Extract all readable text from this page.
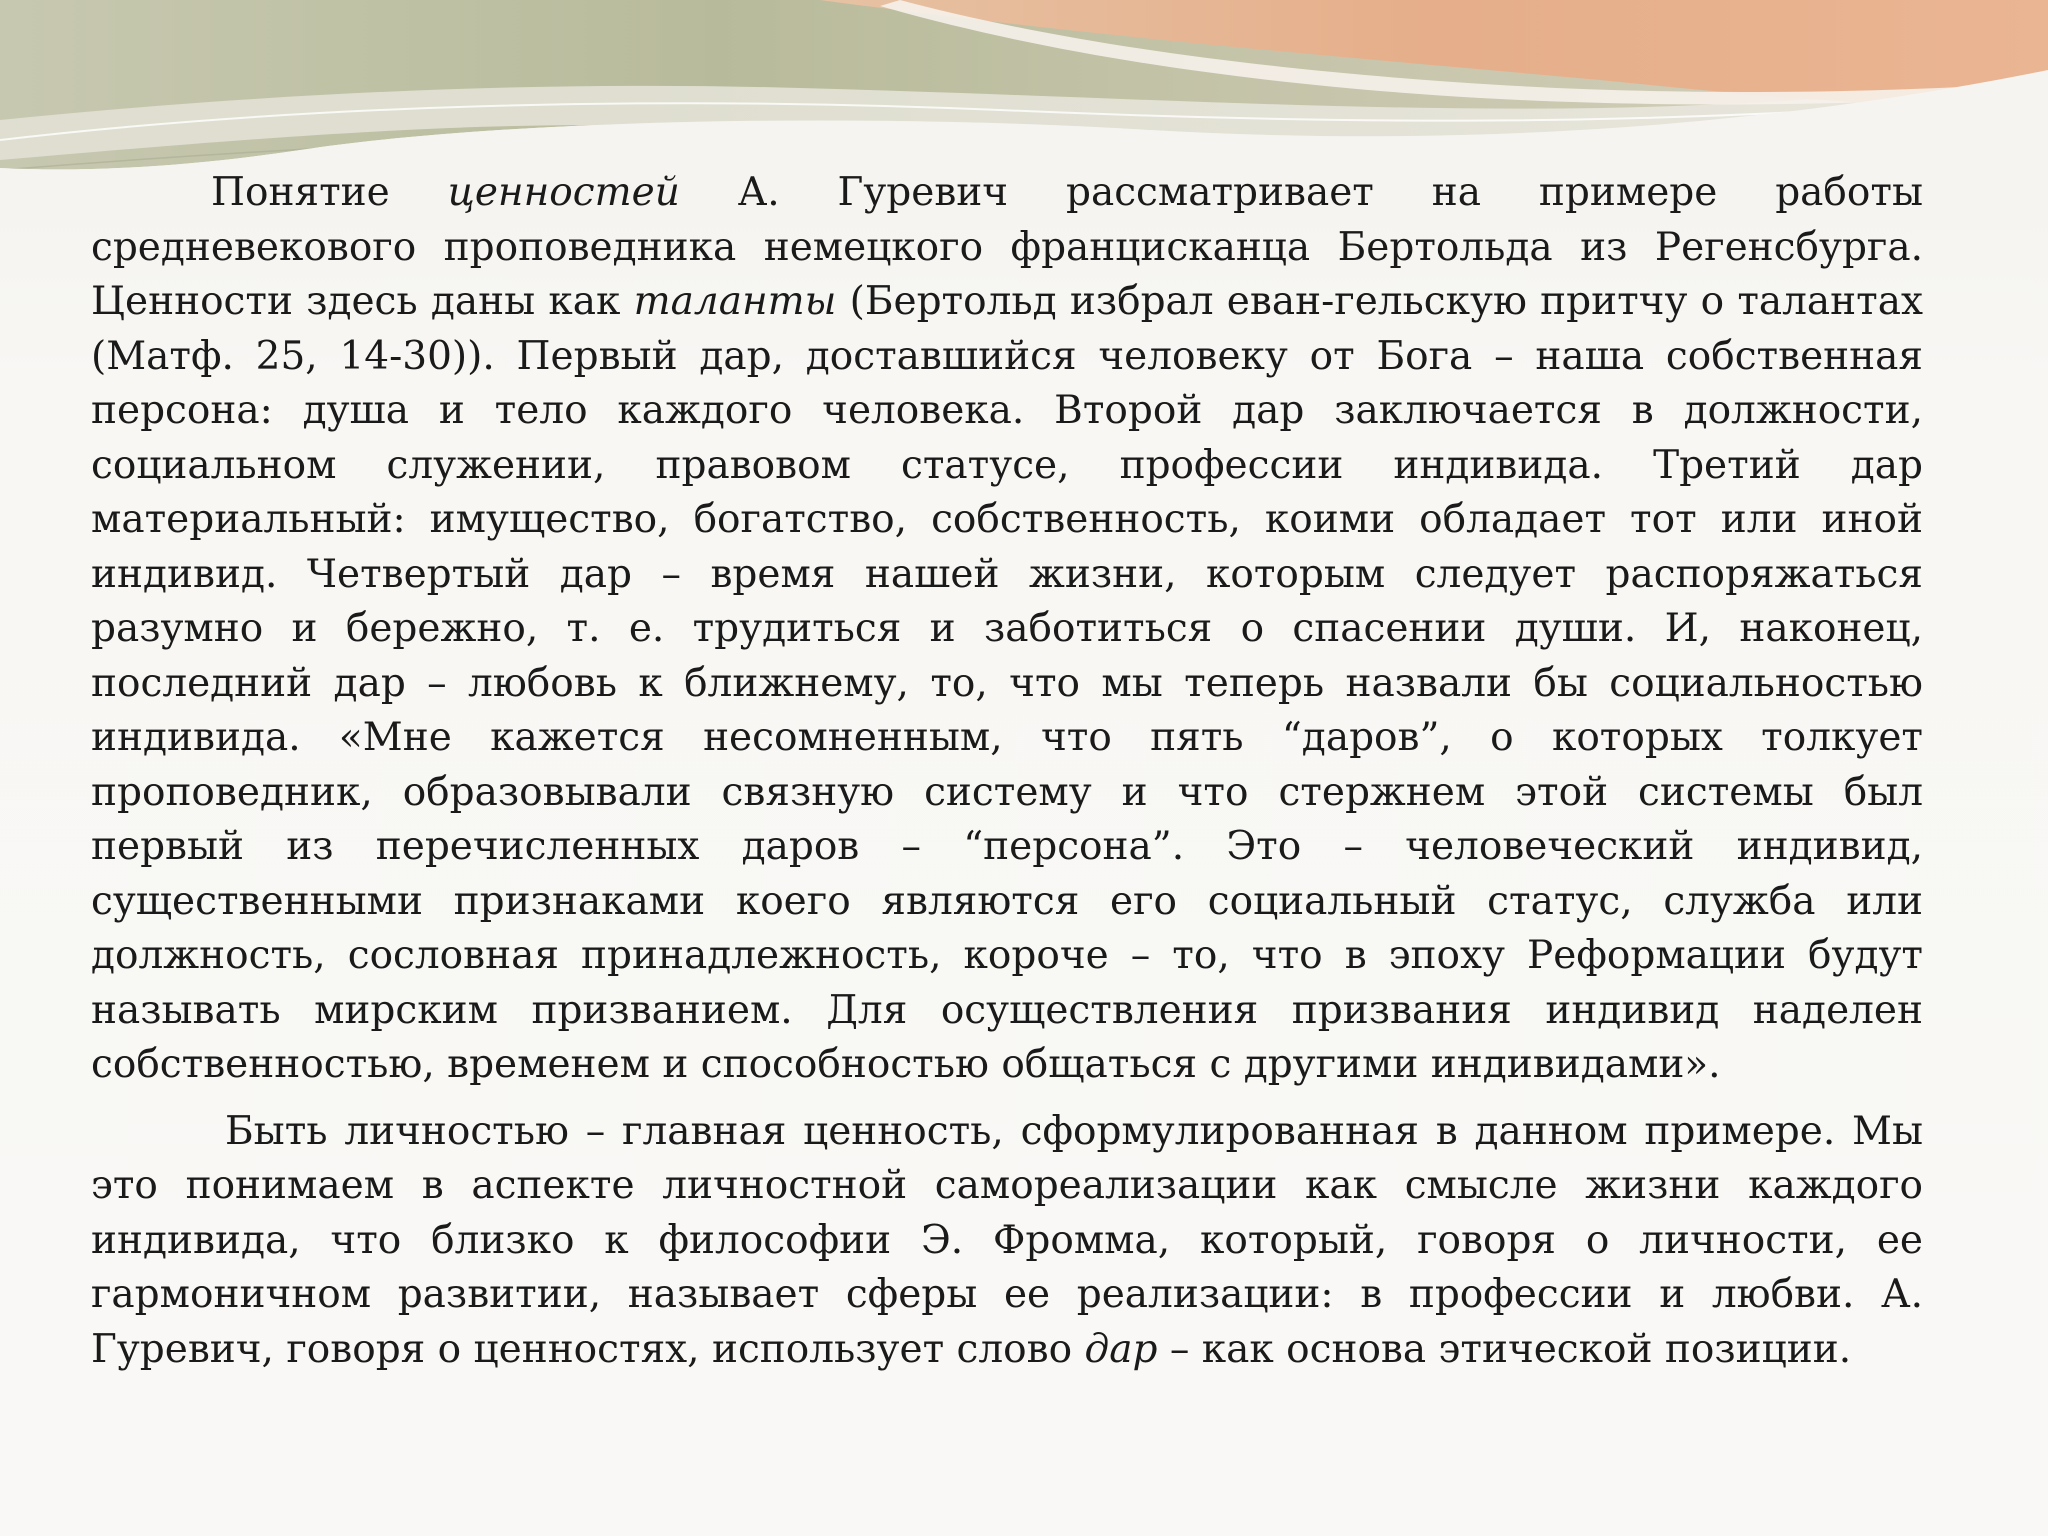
Понятие ценностей А. Гуревич рассматривает на примере работы средневекового проповедника немецкого францисканца Бертольда из Регенсбурга. Ценности здесь даны как таланты (Бертольд избрал еван-гельскую притчу о талантах (Матф. 25, 14-30)). Первый дар, доставшийся человеку от Бога – наша собственная персона: душа и тело каждого человека. Второй дар заключается в должности, социальном служении, правовом статусе, профессии индивида. Третий дар материальный: имущество, богатство, собственность, коими обладает тот или иной индивид. Четвертый дар – время нашей жизни, которым следует распоряжаться разумно и бережно, т. е. трудиться и заботиться о спасении души. И, наконец, последний дар – любовь к ближнему, то, что мы теперь назвали бы социальностью индивида. «Мне кажется несомненным, что пять “даров”, о которых толкует проповедник, образовывали связную систему и что стержнем этой системы был первый из перечисленных даров – “персона”. Это – человеческий индивид, существенными признаками коего являются его социальный статус, служба или должность, сословная принадлежность, короче – то, что в эпоху Реформации будут называть мирским призванием. Для осуществления призвания индивид наделен собственностью, временем и способностью общаться с другими индивидами».

Быть личностью – главная ценность, сформулированная в данном примере. Мы это понимаем в аспекте личностной самореализации как смысле жизни каждого индивида, что близко к философии Э. Фромма, который, говоря о личности, ее гармоничном развитии, называет сферы ее реализации: в профессии и любви. А. Гуревич, говоря о ценностях, использует слово дар – как основа этической позиции.
